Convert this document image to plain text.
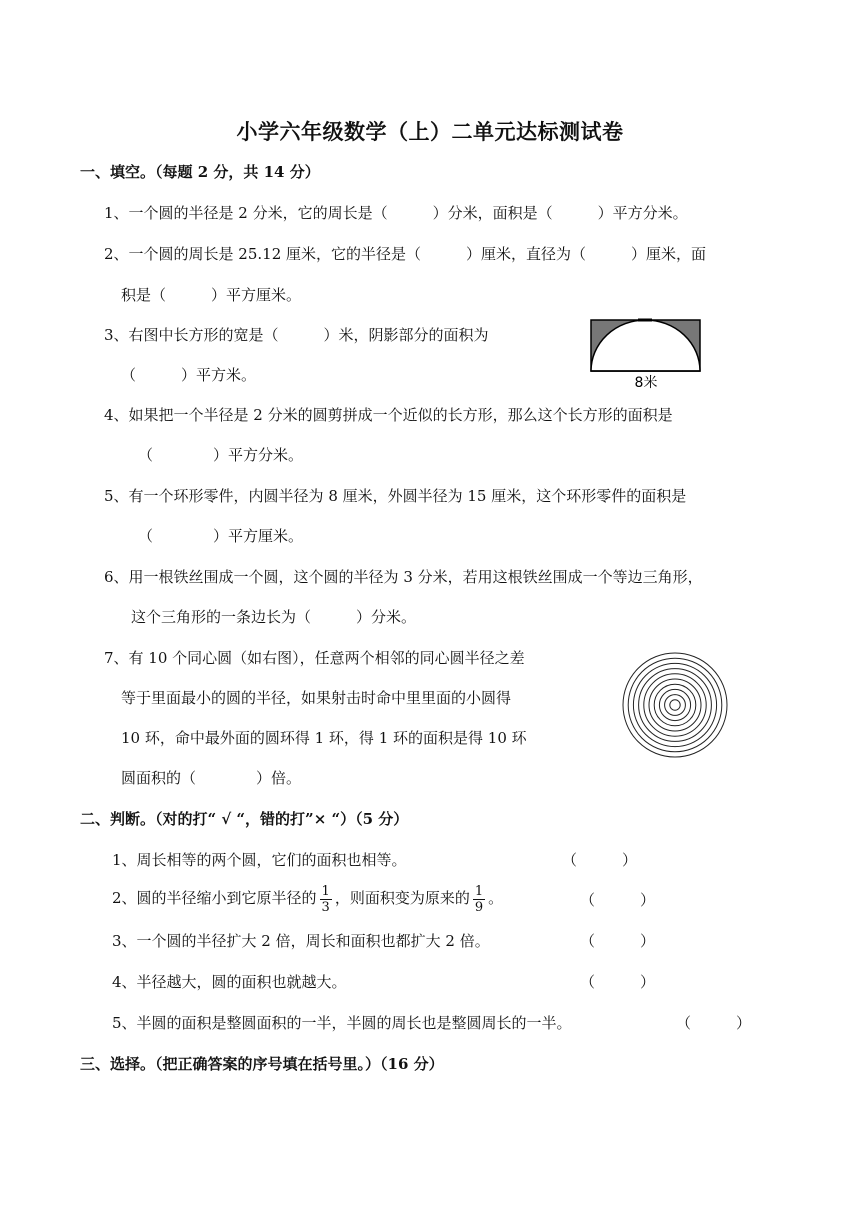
小学六年级数学（上）二单元达标测试卷
一、填空。（每题 2 分，共 14 分）
1、一个圆的半径是 2 分米，它的周长是（　　　）分米，面积是（　　　）平方分米。
2、一个圆的周长是 25.12 厘米，它的半径是（　　　）厘米，直径为（　　　）厘米，面
积是（　　　）平方厘米。
3、右图中长方形的宽是（　　　）米，阴影部分的面积为
（　　　）平方米。	8米
4、如果把一个半径是 2 分米的圆剪拼成一个近似的长方形，那么这个长方形的面积是
（　　　　）平方分米。
5、有一个环形零件，内圆半径为 8 厘米，外圆半径为 15 厘米，这个环形零件的面积是
（　　　　）平方厘米。
6、用一根铁丝围成一个圆，这个圆的半径为 3 分米，若用这根铁丝围成一个等边三角形，
这个三角形的一条边长为（　　　）分米。
7、有 10 个同心圆（如右图），任意两个相邻的同心圆半径之差
等于里面最小的圆的半径，如果射击时命中里里面的小圆得
10 环，命中最外面的圆环得 1 环，得 1 环的面积是得 10 环
圆面积的（　　　　）倍。
二、判断。（对的打“ √ “，错的打”× “）（5 分）
1、周长相等的两个圆，它们的面积也相等。	（　　　）
2、圆的半径缩小到它原半径的 $\frac{1}{3}$ ，则面积变为原来的 $\frac{1}{9}$ 。	（　　　）
3、一个圆的半径扩大 2 倍，周长和面积也都扩大 2 倍。	（　　　）
4、半径越大，圆的面积也就越大。	（　　　）
5、半圆的面积是整圆面积的一半，半圆的周长也是整圆周长的一半。	（　　　）
三、选择。（把正确答案的序号填在括号里。）（16 分）
